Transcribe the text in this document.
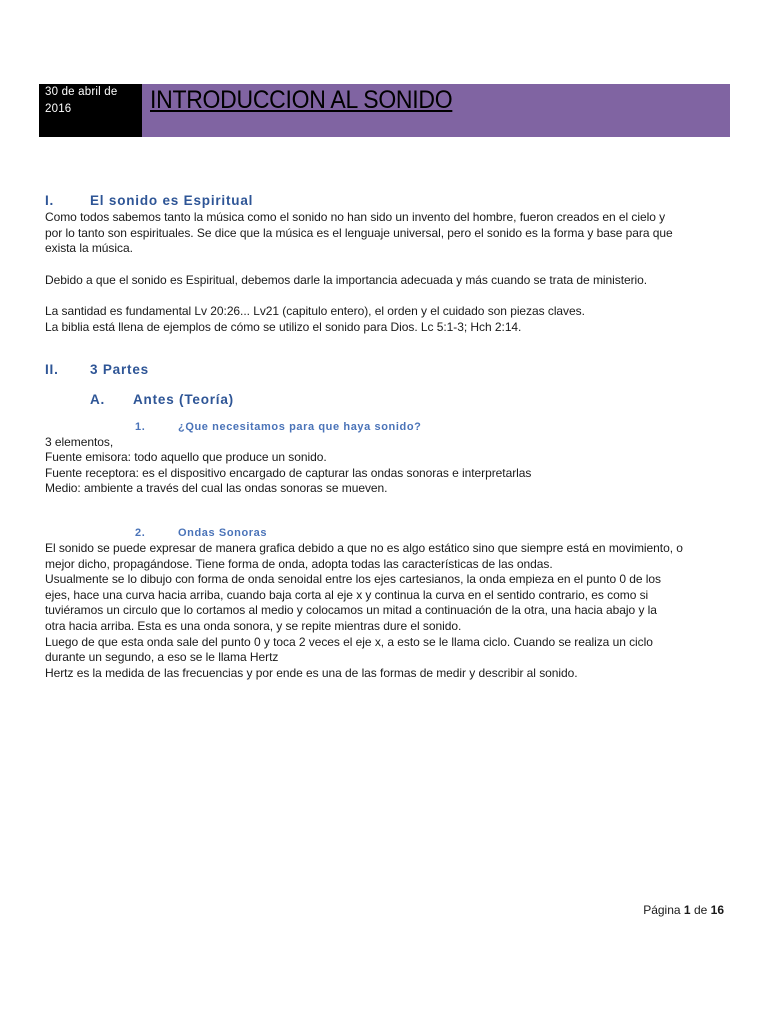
30 de abril de
2016	INTRODUCCION AL SONIDO
I.	El sonido es Espiritual

Como todos sabemos tanto la música como el sonido no han sido un invento del hombre, fueron creados en el cielo y
por lo tanto son espirituales. Se dice que la música es el lenguaje universal, pero el sonido es la forma y base para que
exista la música.

Debido a que el sonido es Espiritual, debemos darle la importancia adecuada y más cuando se trata de ministerio.

La santidad es fundamental Lv 20:26... Lv21 (capitulo entero), el orden y el cuidado son piezas claves.
La biblia está llena de ejemplos de cómo se utilizo el sonido para Dios. Lc 5:1-3; Hch 2:14.

II.	3 Partes
A.	Antes (Teoría)
1.	¿Que necesitamos para que haya sonido?

3 elementos,
Fuente emisora: todo aquello que produce un sonido.
Fuente receptora: es el dispositivo encargado de capturar las ondas sonoras e interpretarlas
Medio: ambiente a través del cual las ondas sonoras se mueven.

2.	Ondas Sonoras

El sonido se puede expresar de manera grafica debido a que no es algo estático sino que siempre está en movimiento, o
mejor dicho, propagándose. Tiene forma de onda, adopta todas las características de las ondas.
Usualmente se lo dibujo con forma de onda senoidal entre los ejes cartesianos, la onda empieza en el punto 0 de los
ejes, hace una curva hacia arriba, cuando baja corta al eje x y continua la curva en el sentido contrario, es como si
tuviéramos un circulo que lo cortamos al medio y colocamos un mitad a continuación de la otra, una hacia abajo y la
otra hacia arriba. Esta es una onda sonora, y se repite mientras dure el sonido.
Luego de que esta onda sale del punto 0 y toca 2 veces el eje x, a esto se le llama ciclo. Cuando se realiza un ciclo
durante un segundo, a eso se le llama Hertz
Hertz es la medida de las frecuencias y por ende es una de las formas de medir y describir al sonido.

Página 1 de 16
